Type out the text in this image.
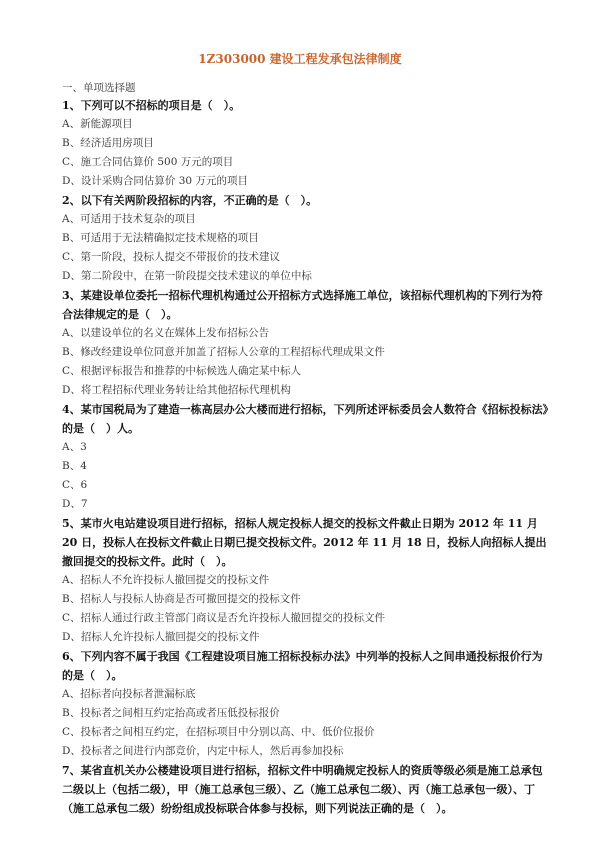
1Z303000 建设工程发承包法律制度
一、单项选择题

1、下列可以不招标的项目是（　）。

A、新能源项目

B、经济适用房项目

C、施工合同估算价 500 万元的项目

D、设计采购合同估算价 30 万元的项目

2、以下有关两阶段招标的内容，不正确的是（　）。

A、可适用于技术复杂的项目

B、可适用于无法精确拟定技术规格的项目

C、第一阶段，投标人提交不带报价的技术建议

D、第二阶段中，在第一阶段提交技术建议的单位中标

3、某建设单位委托一招标代理机构通过公开招标方式选择施工单位，该招标代理机构的下列行为符合法律规定的是（　）。

A、以建设单位的名义在媒体上发布招标公告

B、修改经建设单位同意并加盖了招标人公章的工程招标代理成果文件

C、根据评标报告和推荐的中标候选人确定某中标人

D、将工程招标代理业务转让给其他招标代理机构

4、某市国税局为了建造一栋高层办公大楼而进行招标，下列所述评标委员会人数符合《招标投标法》的是（　）人。

A、3

B、4

C、6

D、7

5、某市火电站建设项目进行招标，招标人规定投标人提交的投标文件截止日期为 2012 年 11 月 20 日，投标人在投标文件截止日期已提交投标文件。2012 年 11 月 18 日，投标人向招标人提出撤回提交的投标文件。此时（　）。

A、招标人不允许投标人撤回提交的投标文件

B、招标人与投标人协商是否可撤回提交的投标文件

C、招标人通过行政主管部门商议是否允许投标人撤回提交的投标文件

D、招标人允许投标人撤回提交的投标文件

6、下列内容不属于我国《工程建设项目施工招标投标办法》中列举的投标人之间串通投标报价行为的是（　）。

A、招标者向投标者泄漏标底

B、投标者之间相互约定抬高或者压低投标报价

C、投标者之间相互约定，在招标项目中分别以高、中、低价位报价

D、投标者之间进行内部竞价，内定中标人，然后再参加投标

7、某省直机关办公楼建设项目进行招标，招标文件中明确规定投标人的资质等级必须是施工总承包二级以上（包括二级），甲（施工总承包三级）、乙（施工总承包二级）、丙（施工总承包一级）、丁（施工总承包二级）纷纷组成投标联合体参与投标，则下列说法正确的是（　）。
